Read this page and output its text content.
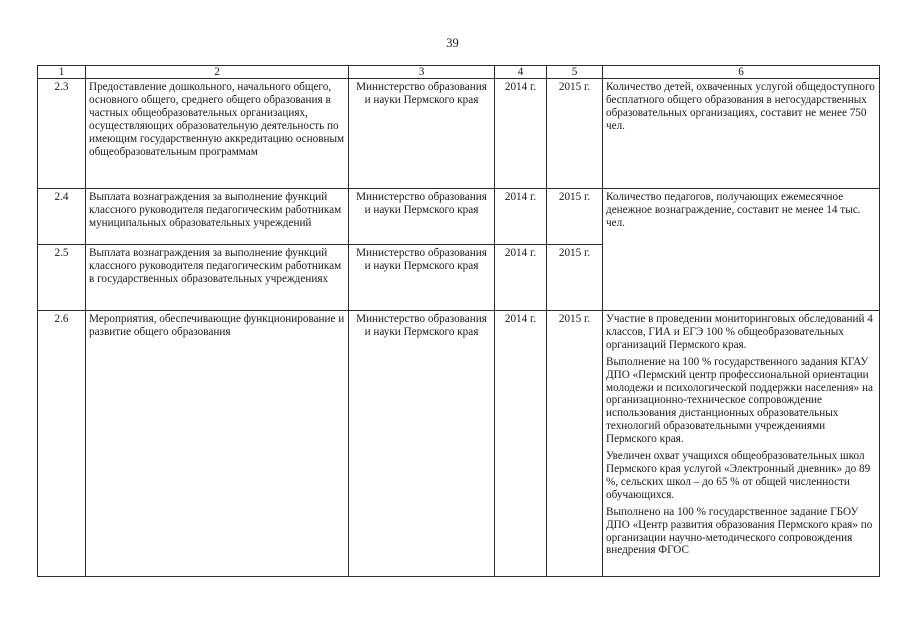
39
1	2	3	4	5	6
2.3	Предоставление дошкольного, начального общего, основного общего, среднего общего образования в частных общеобразовательных организациях, осуществляющих образовательную деятельность по имеющим государственную аккредитацию основным общеобразовательным программам	Министерство образования и науки Пермского края	2014 г.	2015 г.	Количество детей, охваченных услугой общедоступного бесплатного общего образования в негосударственных образовательных организациях, составит не менее 750 чел.
2.4	Выплата вознаграждения за выполнение функций классного руководителя педагогическим работникам муниципальных образовательных учреждений	Министерство образования и науки Пермского края	2014 г.	2015 г.	Количество педагогов, получающих ежемесячное денежное вознаграждение, составит не менее 14 тыс. чел.
2.5	Выплата вознаграждения за выполнение функций классного руководителя педагогическим работникам в государственных образовательных учреждениях	Министерство образования и науки Пермского края	2014 г.	2015 г.	
2.6	Мероприятия, обеспечивающие функционирование и развитие общего образования	Министерство образования и науки Пермского края	2014 г.	2015 г.	Участие в проведении мониторинговых обследований 4 классов, ГИА и ЕГЭ 100 % общеобразовательных организаций Пермского края.

Выполнение на 100 % государственного задания КГАУ ДПО «Пермский центр профессиональной ориентации молодежи и психологической поддержки населения» на организационно-техническое сопровождение использования дистанционных образовательных технологий образовательными учреждениями Пермского края.

Увеличен охват учащихся общеобразовательных школ Пермского края услугой «Электронный дневник» до 89 %, сельских школ – до 65 % от общей численности обучающихся.

Выполнено на 100 % государственное задание ГБОУ ДПО «Центр развития образования Пермского края» по организации научно-методического сопровождения внедрения ФГОС
